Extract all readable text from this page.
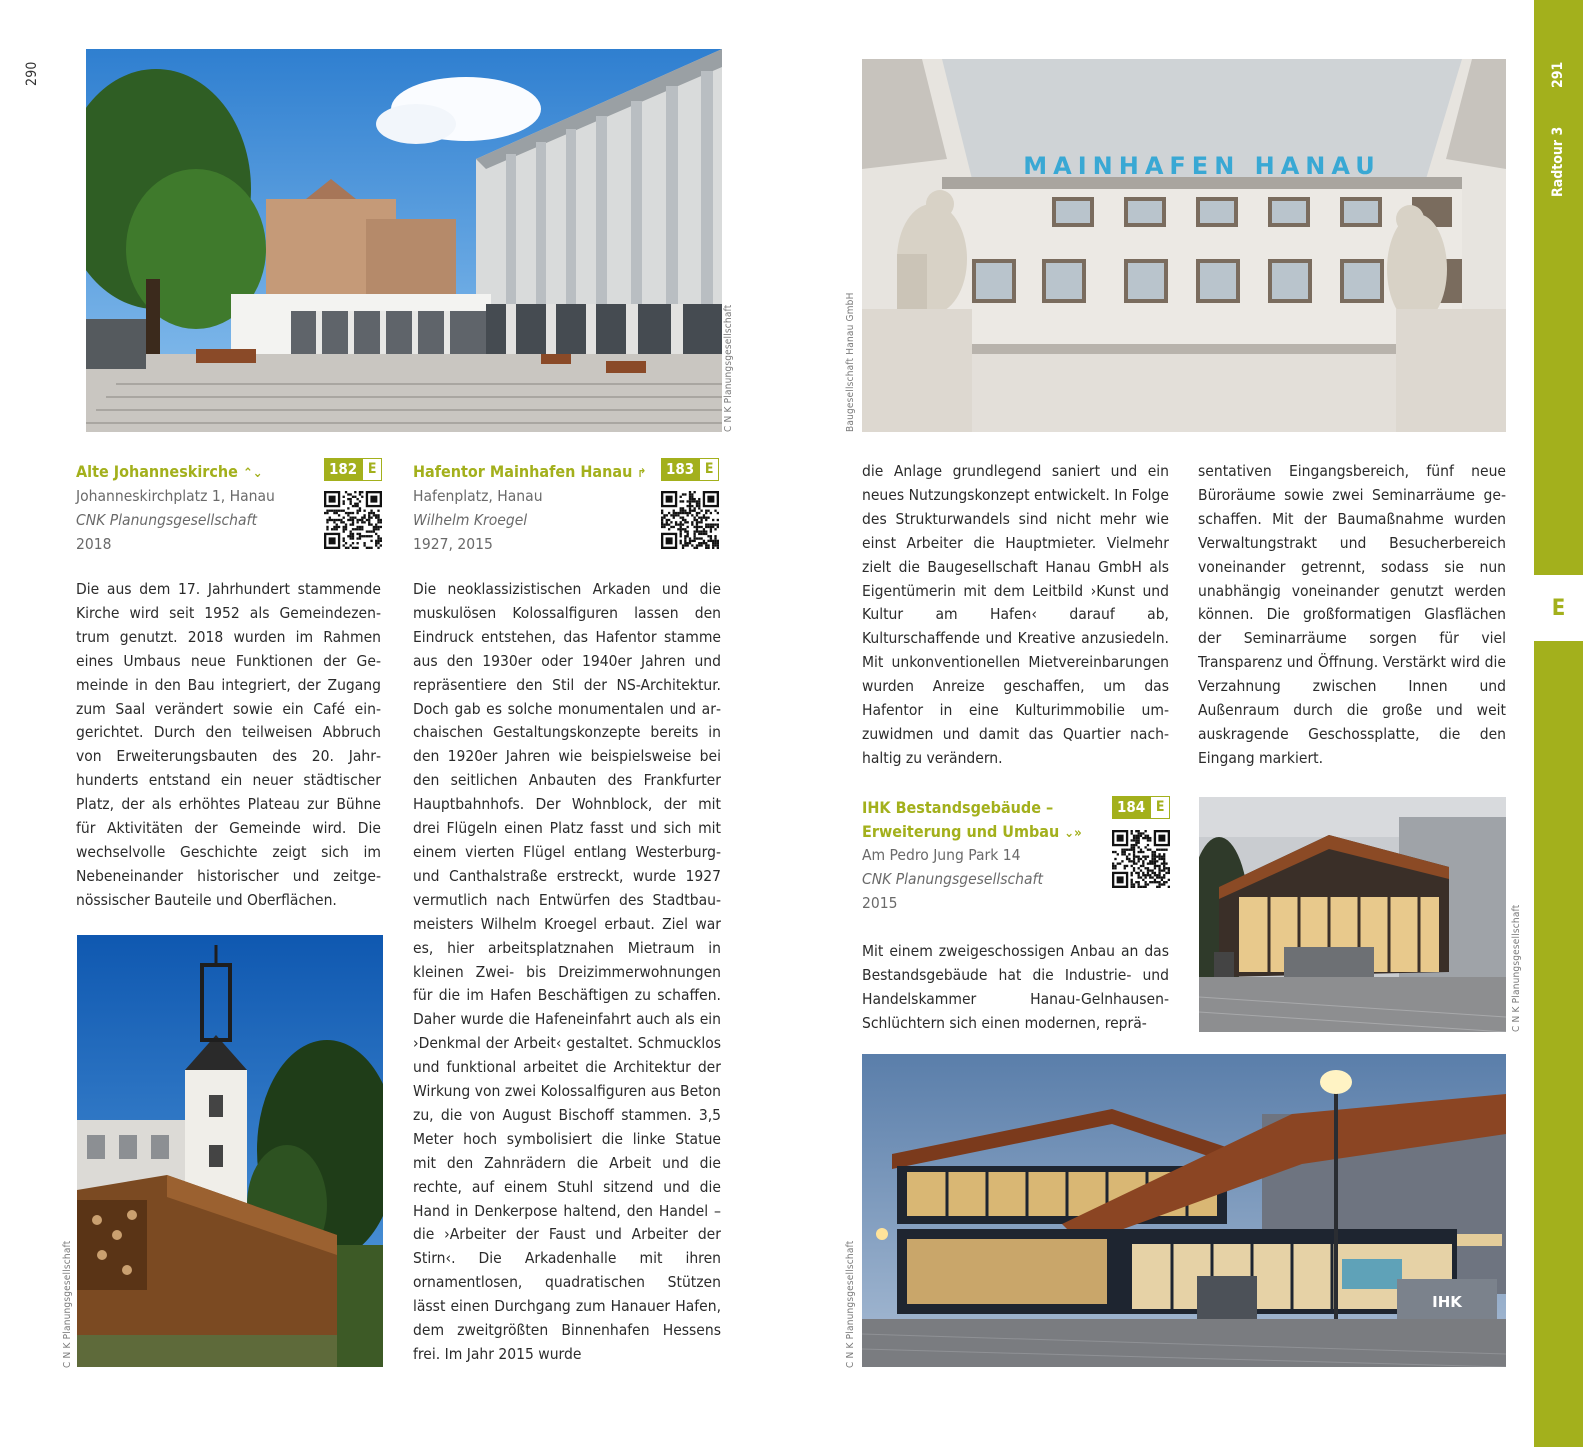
290
C N K Planungsgesellschaft
Alte Johanneskirche ⌃⌄	182 E
Johanneskirchplatz 1, Hanau
CNK Planungsgesellschaft
2018
Die aus dem 17. Jahrhundert stammende Kirche wird seit 1952 als Gemeindezentrum genutzt. 2018 wurden im Rahmen eines Umbaus neue Funktionen der Gemeinde in den Bau integriert, der Zugang zum Saal verändert sowie ein Café eingerichtet. Durch den teilweisen Abbruch von Erweiterungsbauten des 20. Jahrhunderts entstand ein neuer städtischer Platz, der als erhöhtes Plateau zur Bühne für Aktivitäten der Gemeinde wird. Die wechselvolle Geschichte zeigt sich im Nebeneinander historischer und zeitgenössischer Bauteile und Oberflächen.
C N K Planungsgesellschaft
Hafentor Mainhafen Hanau ↱	183 E
Hafenplatz, Hanau
Wilhelm Kroegel
1927, 2015
Die neoklassizistischen Arkaden und die muskulösen Kolossalfiguren lassen den Eindruck entstehen, das Hafentor stamme aus den 1930er oder 1940er Jahren und repräsentiere den Stil der NS-Architektur. Doch gab es solche monumentalen und archaischen Gestaltungskonzepte bereits in den 1920er Jahren wie beispielsweise bei den seitlichen Anbauten des Frankfurter Hauptbahnhofs. Der Wohnblock, der mit drei Flügeln einen Platz fasst und sich mit einem vierten Flügel entlang Westerburg- und Canthalstraße erstreckt, wurde 1927 vermutlich nach Entwürfen des Stadtbaumeisters Wilhelm Kroegel erbaut. Ziel war es, hier arbeitsplatznahen Mietraum in kleinen Zwei- bis Dreizimmerwohnungen für die im Hafen Beschäftigen zu schaffen. Daher wurde die Hafeneinfahrt auch als ein ›Denkmal der Arbeit‹ gestaltet. Schmucklos und funktional arbeitet die Architektur der Wirkung von zwei Kolossalfiguren aus Beton zu, die von August Bischoff stammen. 3,5 Meter hoch symbolisiert die linke Statue mit den Zahnrädern die Arbeit und die rechte, auf einem Stuhl sitzend und die Hand in Denkerpose haltend, den Handel – die ›Arbeiter der Faust und Arbeiter der Stirn‹. Die Arkadenhalle mit ihren ornamentlosen, quadratischen Stützen lässt einen Durchgang zum Hanauer Hafen, dem zweitgrößten Binnenhafen Hessens frei. Im Jahr 2015 wurde
MAINHAFEN HANAU
Baugesellschaft Hanau GmbH
die Anlage grundlegend saniert und ein neues Nutzungskonzept entwickelt. In Folge des Strukturwandels sind nicht mehr wie einst Arbeiter die Hauptmieter. Vielmehr zielt die Baugesellschaft Hanau GmbH als Eigentümerin mit dem Leitbild ›Kunst und Kultur am Hafen‹ darauf ab, Kulturschaffende und Kreative anzusiedeln. Mit unkonventionellen Mietvereinbarungen wurden Anreize geschaffen, um das Hafentor in eine Kulturimmobilie umzuwidmen und damit das Quartier nachhaltig zu verändern.
sentativen Eingangsbereich, fünf neue Büroräume sowie zwei Seminarräume geschaffen. Mit der Baumaßnahme wurden Verwaltungstrakt und Besucherbereich voneinander getrennt, sodass sie nun unabhängig voneinander genutzt werden können. Die großformatigen Glasflächen der Seminarräume sorgen für viel Transparenz und Öffnung. Verstärkt wird die Verzahnung zwischen Innen und Außenraum durch die große und weit auskragende Geschossplatte, die den Eingang markiert.
IHK Bestandsgebäude –
Erweiterung und Umbau ⌄»
184 E
Am Pedro Jung Park 14
CNK Planungsgesellschaft
2015
Mit einem zweigeschossigen Anbau an das Bestandsgebäude hat die Industrie- und Handelskammer Hanau-Gelnhausen-Schlüchtern sich einen modernen, reprä-	C N K Planungsgesellschaft
IHK
C N K Planungsgesellschaft
291
Radtour 3
E
